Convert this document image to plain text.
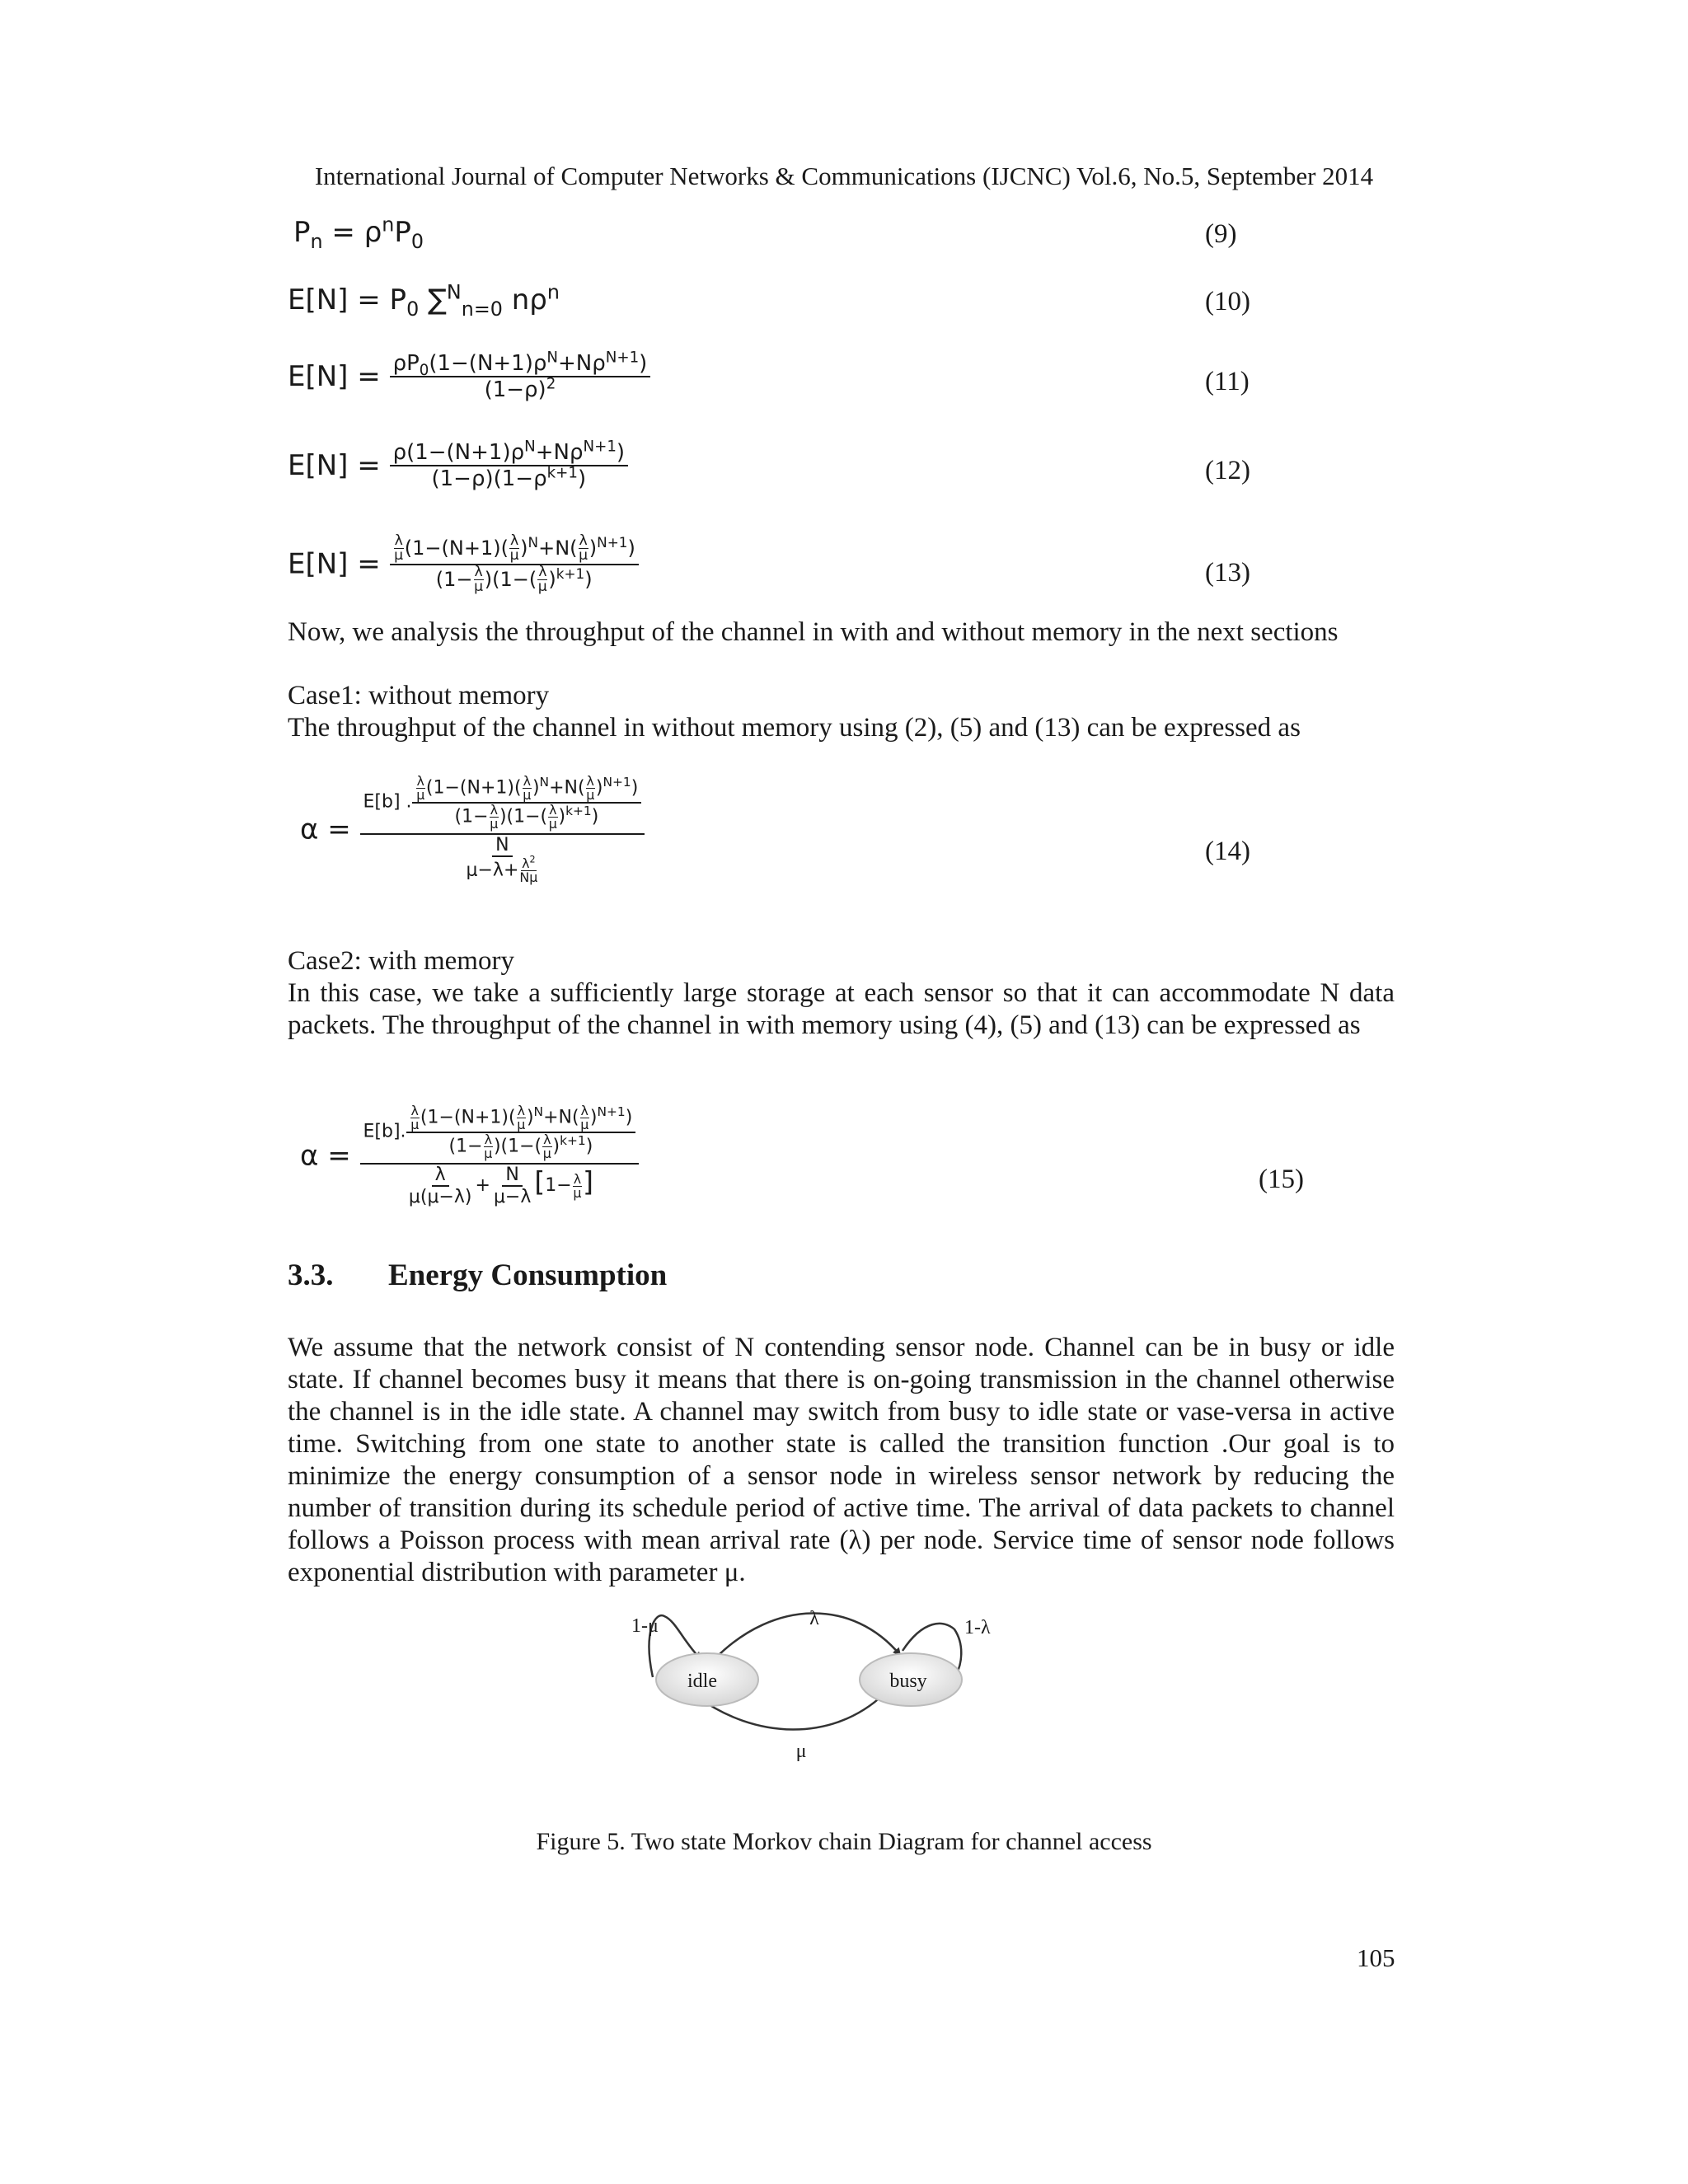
International Journal of Computer Networks & Communications (IJCNC) Vol.6, No.5, September 2014
$P_n = \rho^nP_0$	(9)
$E[N] = P_0$ ∑$^N_{n=0}$ $n\rho^n$	(10)
$E[N] = \frac{\rho P_0(1-(N+1)\rho^N+N\rho^{N+1})}{(1-\rho)^2}$	(11)
$E[N] = \frac{\rho(1-(N+1)\rho^N+N\rho^{N+1})}{(1-\rho)(1-\rho^{k+1})}$	(12)
$E[N] = \frac{\frac{\lambda}{\mu} (1-(N+1)( \frac{\lambda}{\mu} )^N+N( \frac{\lambda}{\mu} )^{N+1})}{(1- \frac{\lambda}{\mu} )(1-( \frac{\lambda}{\mu} )^{k+1})}$	(13)
Now, we analysis the throughput of the channel in with and without memory in the next sections
Case1: without memory
The throughput of the channel in without memory using (2), (5) and (13) can be expressed as
$\alpha = \frac{E[b] . \frac{\frac{\lambda}{\mu} (1-(N+1)( \frac{\lambda}{\mu} )^N+N( \frac{\lambda}{\mu} )^{N+1})}{(1- \frac{\lambda}{\mu} )(1-( \frac{\lambda}{\mu} )^{k+1})}}{\frac{N}{\mu-\lambda+ \frac{\lambda^2}{N\mu}}}$	(14)
Case2: with memory
In this case, we take a sufficiently large storage at each sensor so that it can accommodate N data packets. The throughput of the channel in with memory using (4), (5) and (13) can be expressed as
$\alpha = \frac{E[b]. \frac{\frac{\lambda}{\mu} (1-(N+1)( \frac{\lambda}{\mu} )^N+N( \frac{\lambda}{\mu} )^{N+1})}{(1- \frac{\lambda}{\mu} )(1-( \frac{\lambda}{\mu} )^{k+1})}}{\frac{\lambda}{\mu(\mu-\lambda)} + \frac{N}{\mu-\lambda} [1- \frac{\lambda}{\mu} ]}$	(15)
3.3. Energy Consumption
We assume that the network consist of N contending sensor node. Channel can be in busy or idle state. If channel becomes busy it means that there is on-going transmission in the channel otherwise the channel is in the idle state. A channel may switch from busy to idle state or vase-versa in active time. Switching from one state to another state is called the transition function .Our goal is to minimize the energy consumption of a sensor node in wireless sensor network by reducing the number of transition during its schedule period of active time. The arrival of data packets to channel follows a Poisson process with mean arrival rate (λ) per node. Service time of sensor node follows exponential distribution with parameter μ.
idle	busy
1-μ	λ	1-λ
μ
Figure 5. Two state Morkov chain Diagram for channel access
105
